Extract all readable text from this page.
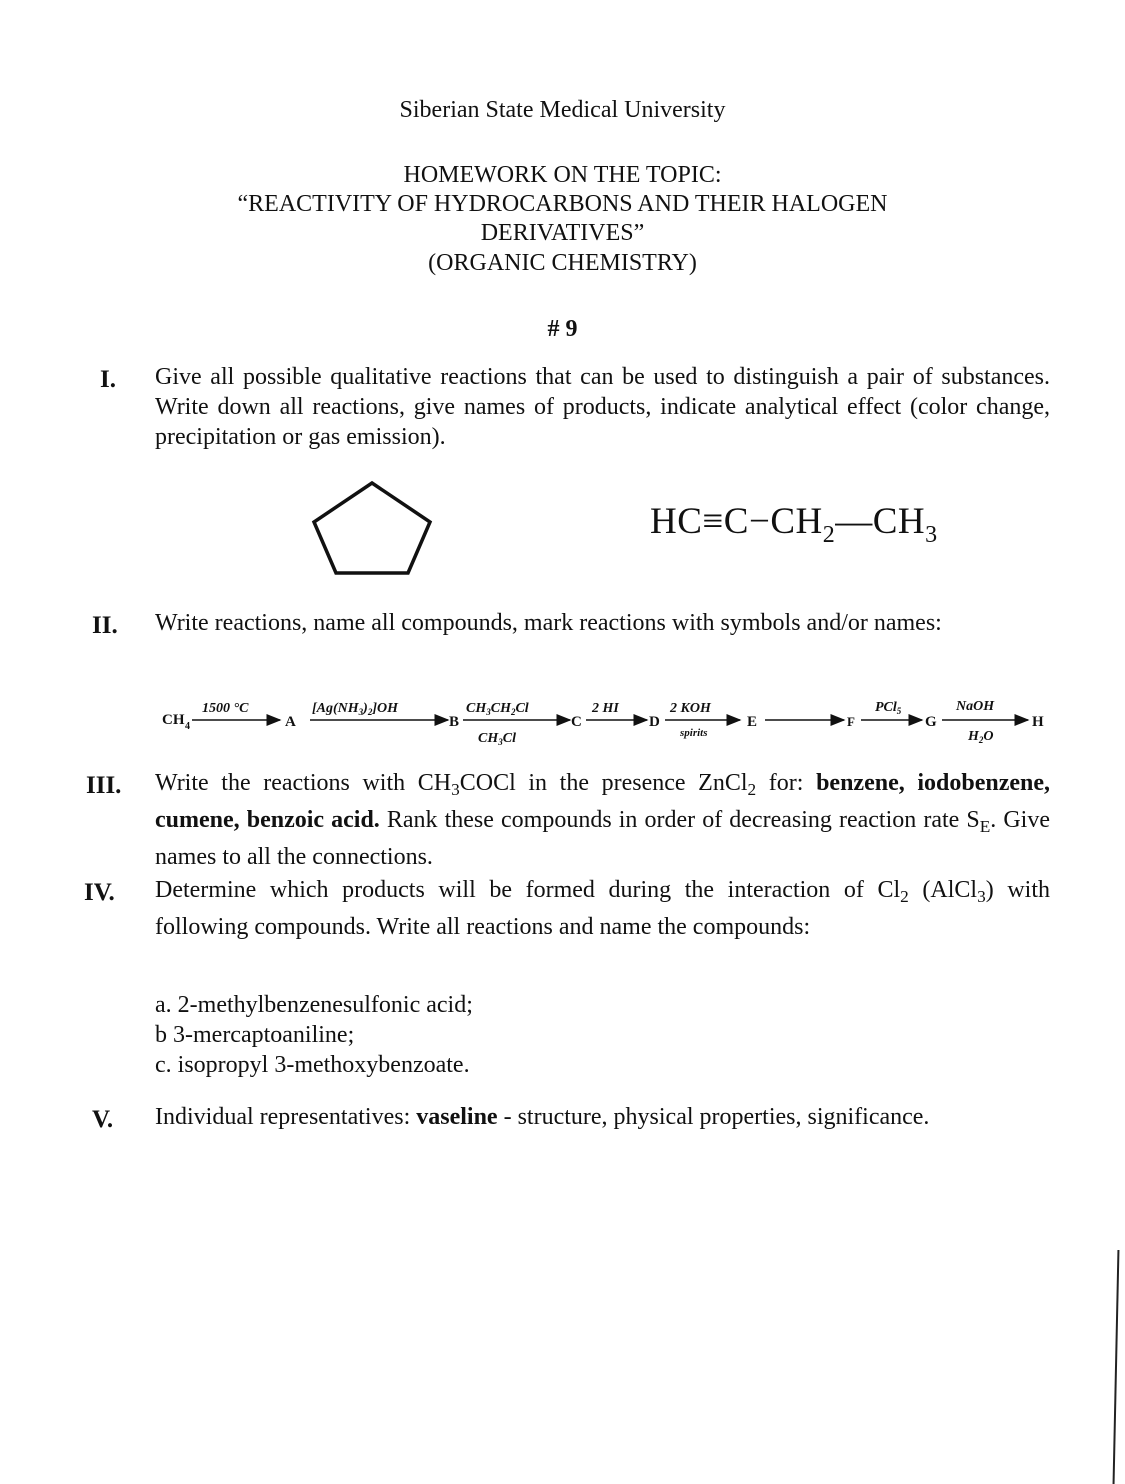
Siberian State Medical University
HOMEWORK ON THE TOPIC:
“REACTIVITY OF HYDROCARBONS AND THEIR HALOGEN
DERIVATIVES”
(ORGANIC CHEMISTRY)
# 9
I. Give all possible qualitative reactions that can be used to distinguish a pair of substances. Write down all reactions, give names of products, indicate analytical effect (color change, precipitation or gas emission).
$HC\equiv C-CH_2—CH_3$
II. Write reactions, name all compounds, mark reactions with symbols and/or names:
CH 4
1500 °C
A
$[Ag(NH_3)_2]OH$
B
$CH_3CH_2Cl$
$CH_3Cl$
C
2 HI
D
2 KOH
spirits
E	F
PCl$_5$
G
NaOH
$H_2O$
H
III. Write the reactions with $CH_3COCl$ in the presence ZnCl$_2$ for: benzene, iodobenzene, cumene, benzoic acid. Rank these compounds in order of decreasing reaction rate $S_E$. Give names to all the connections.
IV. Determine which products will be formed during the interaction of $Cl_2$ (AlCl$_3$) with following compounds. Write all reactions and name the compounds:
a. 2-methylbenzenesulfonic acid;
b 3-mercaptoaniline;
c. isopropyl 3-methoxybenzoate.
V. Individual representatives: vaseline - structure, physical properties, significance.
